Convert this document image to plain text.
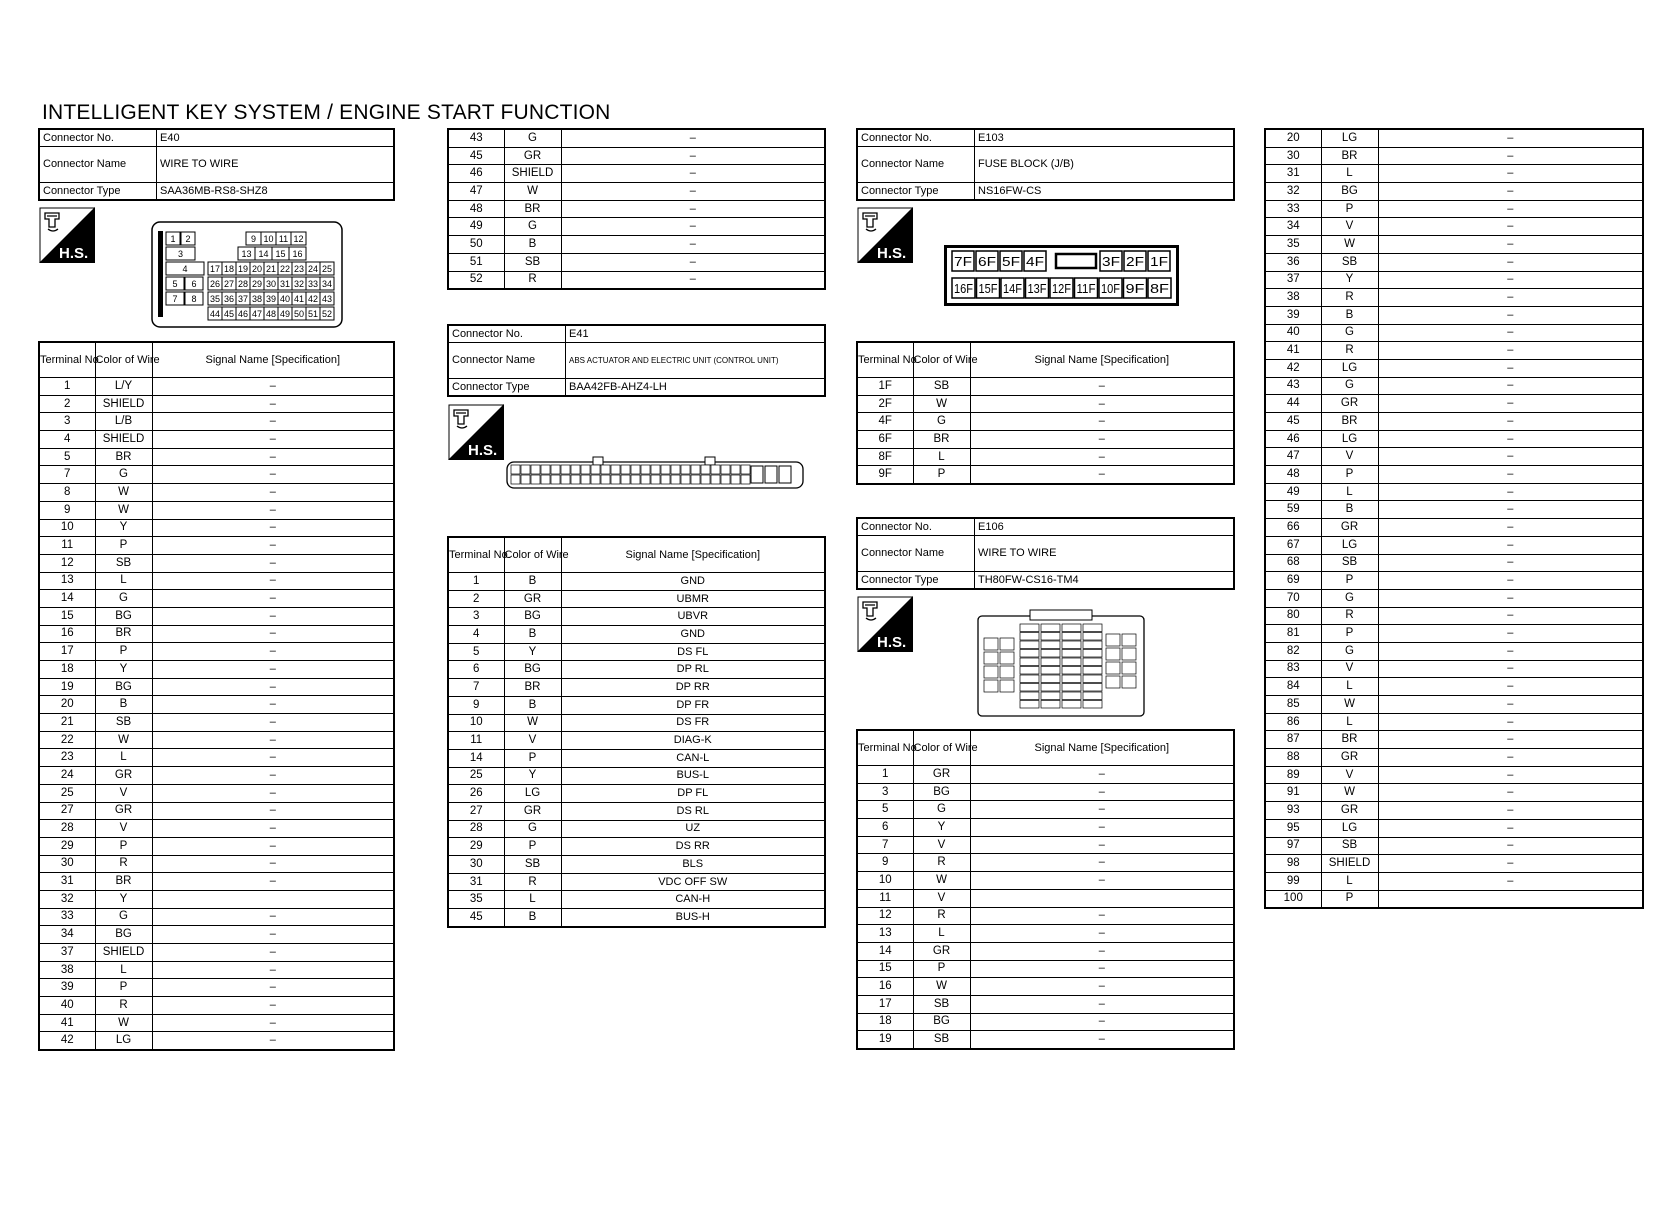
INTELLIGENT KEY SYSTEM / ENGINE START FUNCTION
Connector No.	E40
Connector Name	WIRE TO WIRE
Connector Type	SAA36MB-RS8-SHZ8
H.S.
1 2	9 10 11 12
3	13 14 15 16
4 17 18 19 20 21 22 23 24 25
5 6 26 27 28 29 30 31 32 33 34
7 8 35 36 37 38 39 40 41 42 43
44 45 46 47 48 49 50 51 52
Terminal No.	Color of Wire	Signal Name [Specification]
1	L/Y	–
2	SHIELD	–
3	L/B	–
4	SHIELD	–
5	BR	–
7	G	–
8	W	–
9	W	–
10	Y	–
11	P	–
12	SB	–
13	L	–
14	G	–
15	BG	–
16	BR	–
17	P	–
18	Y	–
19	BG	–
20	B	–
21	SB	–
22	W	–
23	L	–
24	GR	–
25	V	–
27	GR	–
28	V	–
29	P	–
30	R	–
31	BR	–
32	Y	
33	G	–
34	BG	–
37	SHIELD	–
38	L	–
39	P	–
40	R	–
41	W	–
42	LG	–
43	G	–
45	GR	–
46	SHIELD	–
47	W	–
48	BR	–
49	G	–
50	B	–
51	SB	–
52	R	–
Connector No.	E41
Connector Name	ABS ACTUATOR AND ELECTRIC UNIT (CONTROL UNIT)
Connector Type	BAA42FB-AHZ4-LH
H.S.
Terminal No.	Color of Wire	Signal Name [Specification]
1	B	GND
2	GR	UBMR
3	BG	UBVR
4	B	GND
5	Y	DS FL
6	BG	DP RL
7	BR	DP RR
9	B	DP FR
10	W	DS FR
11	V	DIAG-K
14	P	CAN-L
25	Y	BUS-L
26	LG	DP FL
27	GR	DS RL
28	G	UZ
29	P	DS RR
30	SB	BLS
31	R	VDC OFF SW
35	L	CAN-H
45	B	BUS-H
Connector No.	E103
Connector Name	FUSE BLOCK (J/B)
Connector Type	NS16FW-CS
H.S.	7F 6F 5F 4F	3F 2F 1F
16F 15F 14F 13F 12F 11F 10F 9F 8F
Terminal No.	Color of Wire	Signal Name [Specification]
1F	SB	–
2F	W	–
4F	G	–
6F	BR	–
8F	L	–
9F	P	–
Connector No.	E106
Connector Name	WIRE TO WIRE
Connector Type	TH80FW-CS16-TM4
H.S.
Terminal No.	Color of Wire	Signal Name [Specification]
1	GR	–
3	BG	–
5	G	–
6	Y	–
7	V	–
9	R	–
10	W	–
11	V	
12	R	–
13	L	–
14	GR	–
15	P	–
16	W	–
17	SB	–
18	BG	–
19	SB	–
20	LG	–
30	BR	–
31	L	–
32	BG	–
33	P	–
34	V	–
35	W	–
36	SB	–
37	Y	–
38	R	–
39	B	–
40	G	–
41	R	–
42	LG	–
43	G	–
44	GR	–
45	BR	–
46	LG	–
47	V	–
48	P	–
49	L	–
59	B	–
66	GR	–
67	LG	–
68	SB	–
69	P	–
70	G	–
80	R	–
81	P	–
82	G	–
83	V	–
84	L	–
85	W	–
86	L	–
87	BR	–
88	GR	–
89	V	–
91	W	–
93	GR	–
95	LG	–
97	SB	–
98	SHIELD	–
99	L	–
100	P	
